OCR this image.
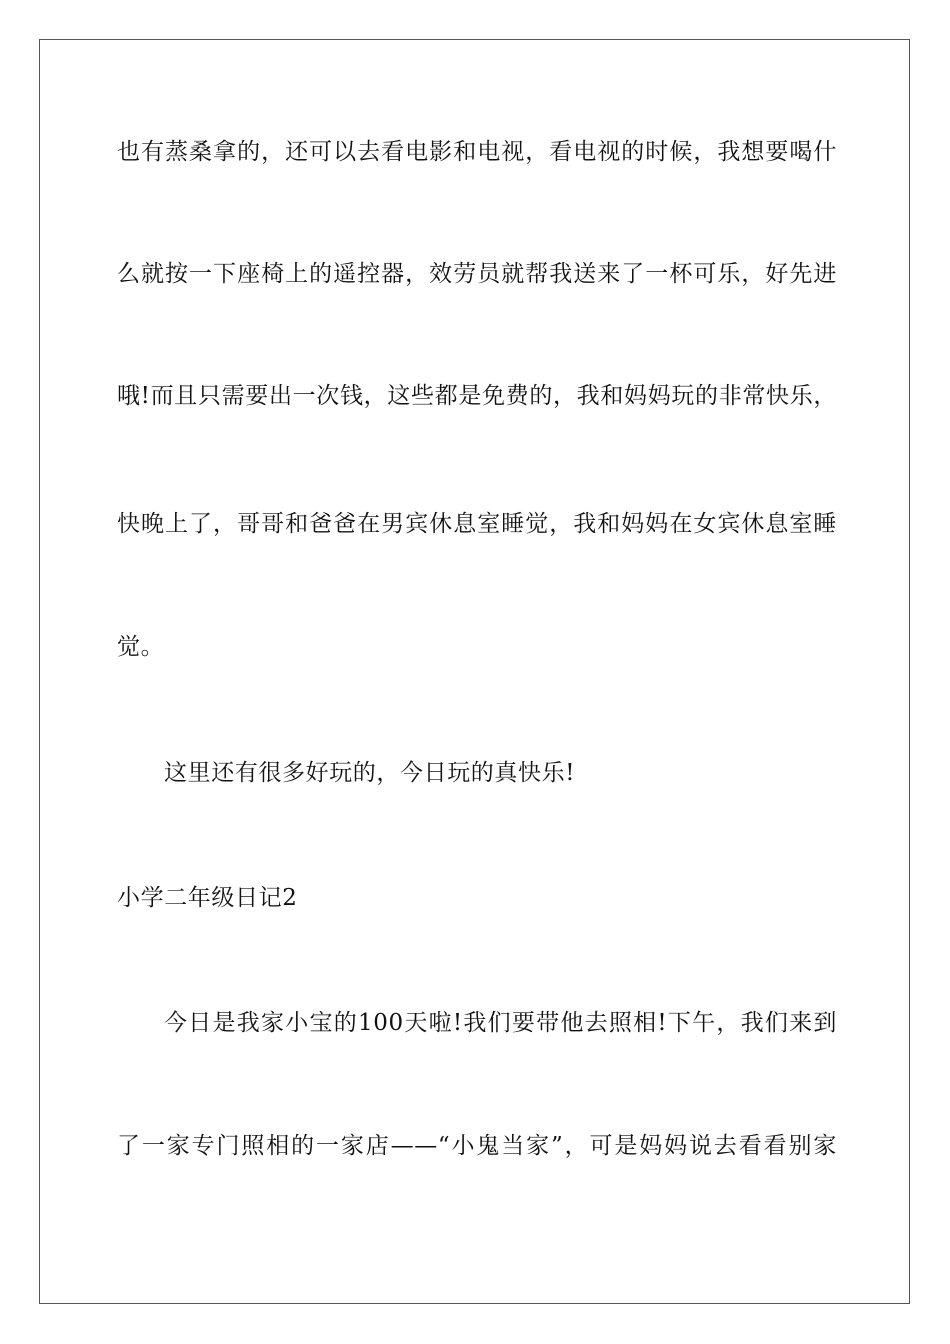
也有蒸桑拿的，还可以去看电影和电视，看电视的时候，我想要喝什
么就按一下座椅上的遥控器，效劳员就帮我送来了一杯可乐，好先进
哦!而且只需要出一次钱，这些都是免费的，我和妈妈玩的非常快乐，
快晚上了，哥哥和爸爸在男宾休息室睡觉，我和妈妈在女宾休息室睡
觉。
这里还有很多好玩的，今日玩的真快乐!
小学二年级日记2
今日是我家小宝的100天啦!我们要带他去照相!下午，我们来到
了一家专门照相的一家店——“小鬼当家”，可是妈妈说去看看别家
